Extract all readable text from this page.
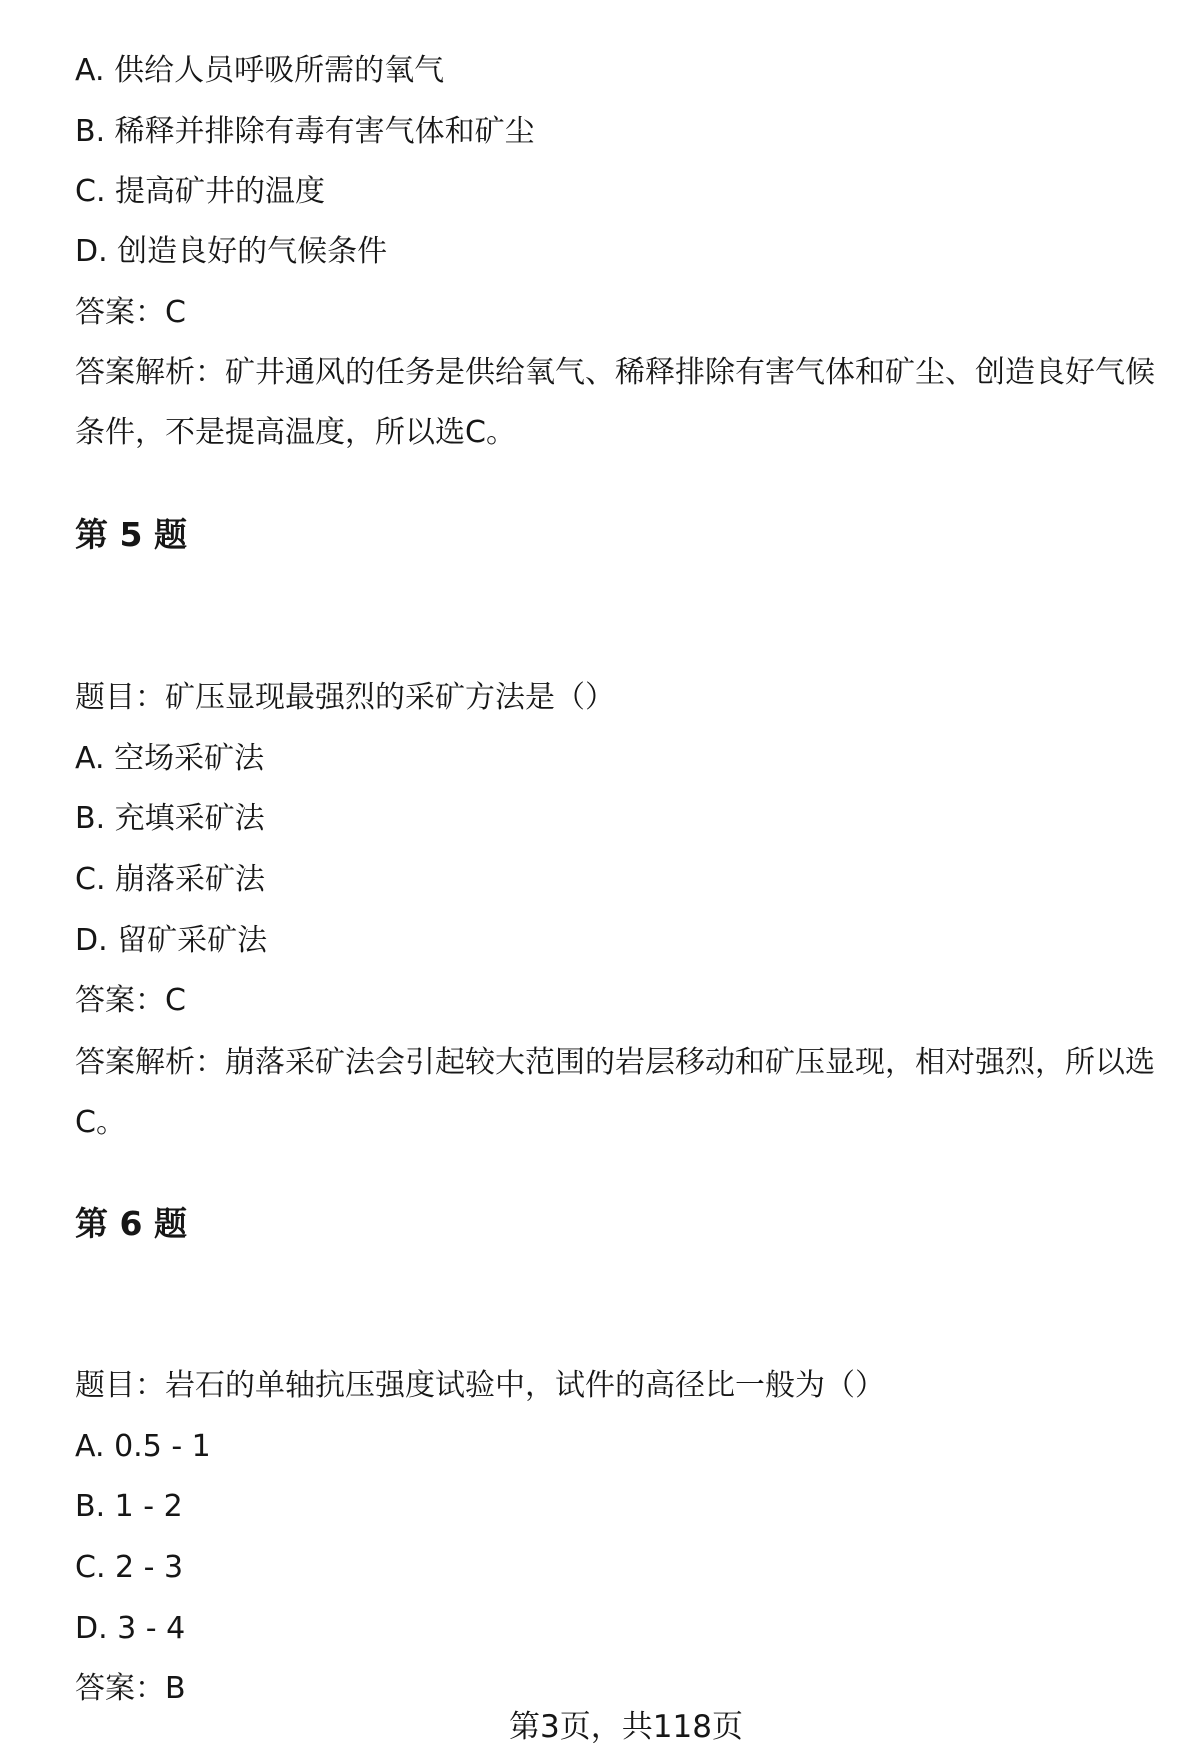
A. 供给人员呼吸所需的氧气
B. 稀释并排除有毒有害气体和矿尘
C. 提高矿井的温度
D. 创造良好的气候条件
答案：C
答案解析：矿井通风的任务是供给氧气、稀释排除有害气体和矿尘、创造良好气候条件，不是提高温度，所以选C。
第 5 题
题目：矿压显现最强烈的采矿方法是（）
A. 空场采矿法
B. 充填采矿法
C. 崩落采矿法
D. 留矿采矿法
答案：C
答案解析：崩落采矿法会引起较大范围的岩层移动和矿压显现，相对强烈，所以选C。
第 6 题
题目：岩石的单轴抗压强度试验中，试件的高径比一般为（）
A. 0.5 - 1
B. 1 - 2
C. 2 - 3
D. 3 - 4
答案：B
第3页，共118页
